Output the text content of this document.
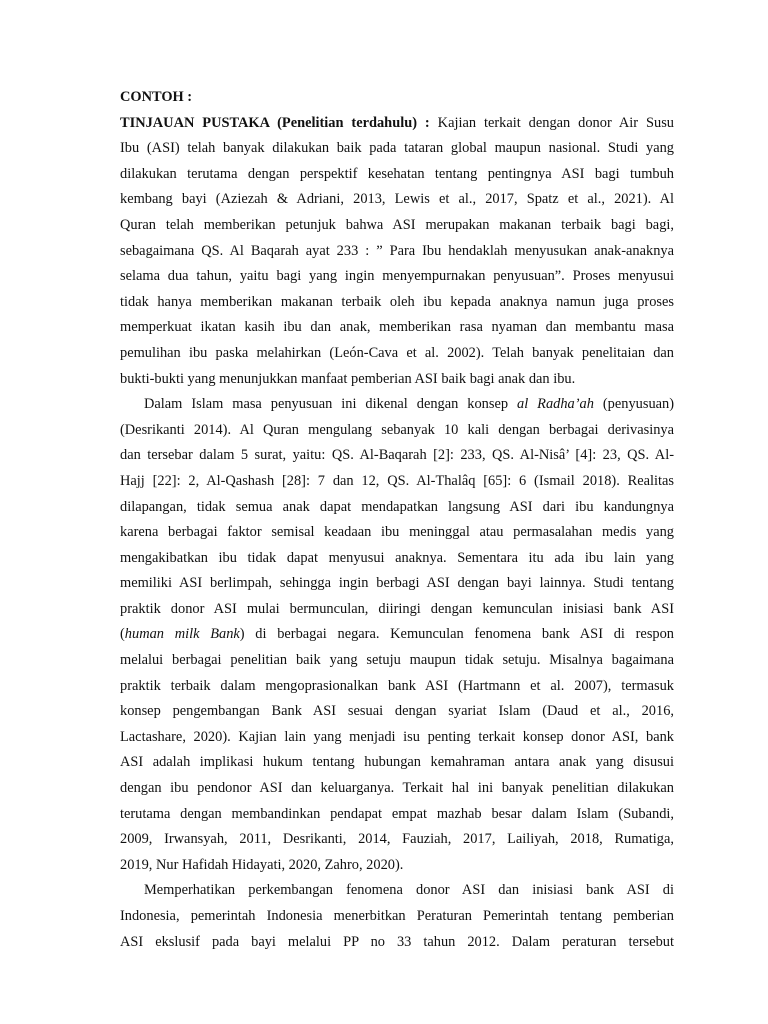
CONTOH :
TINJAUAN PUSTAKA (Penelitian terdahulu) : Kajian terkait dengan donor Air Susu
Ibu (ASI) telah banyak dilakukan baik pada tataran global maupun nasional. Studi yang
dilakukan terutama dengan perspektif kesehatan tentang pentingnya ASI bagi tumbuh
kembang bayi (Aziezah & Adriani, 2013, Lewis et al., 2017, Spatz et al., 2021). Al
Quran telah memberikan petunjuk bahwa ASI merupakan makanan terbaik bagi bagi,
sebagaimana QS. Al Baqarah ayat 233 : ” Para Ibu hendaklah menyusukan anak-anaknya
selama dua tahun, yaitu bagi yang ingin menyempurnakan penyusuan”. Proses menyusui
tidak hanya memberikan makanan terbaik oleh ibu kepada anaknya namun juga proses
memperkuat ikatan kasih ibu dan anak, memberikan rasa nyaman dan membantu masa
pemulihan ibu paska melahirkan (León-Cava et al. 2002). Telah banyak penelitaian dan
bukti-bukti yang menunjukkan manfaat pemberian ASI baik bagi anak dan ibu.
Dalam Islam masa penyusuan ini dikenal dengan konsep al Radha’ah (penyusuan)
(Desrikanti 2014). Al Quran mengulang sebanyak 10 kali dengan berbagai derivasinya
dan tersebar dalam 5 surat, yaitu: QS. Al-Baqarah [2]: 233, QS. Al-Nisâ’ [4]: 23, QS. Al-
Hajj [22]: 2, Al-Qashash [28]: 7 dan 12, QS. Al-Thalâq [65]: 6 (Ismail 2018). Realitas
dilapangan, tidak semua anak dapat mendapatkan langsung ASI dari ibu kandungnya
karena berbagai faktor semisal keadaan ibu meninggal atau permasalahan medis yang
mengakibatkan ibu tidak dapat menyusui anaknya. Sementara itu ada ibu lain yang
memiliki ASI berlimpah, sehingga ingin berbagi ASI dengan bayi lainnya. Studi tentang
praktik donor ASI mulai bermunculan, diiringi dengan kemunculan inisiasi bank ASI
(human milk Bank) di berbagai negara. Kemunculan fenomena bank ASI di respon
melalui berbagai penelitian baik yang setuju maupun tidak setuju. Misalnya bagaimana
praktik terbaik dalam mengoprasionalkan bank ASI (Hartmann et al. 2007), termasuk
konsep pengembangan Bank ASI sesuai dengan syariat Islam (Daud et al., 2016,
Lactashare, 2020). Kajian lain yang menjadi isu penting terkait konsep donor ASI, bank
ASI adalah implikasi hukum tentang hubungan kemahraman antara anak yang disusui
dengan ibu pendonor ASI dan keluarganya. Terkait hal ini banyak penelitian dilakukan
terutama dengan membandinkan pendapat empat mazhab besar dalam Islam (Subandi,
2009, Irwansyah, 2011, Desrikanti, 2014, Fauziah, 2017, Lailiyah, 2018, Rumatiga,
2019, Nur Hafidah Hidayati, 2020, Zahro, 2020).
Memperhatikan perkembangan fenomena donor ASI dan inisiasi bank ASI di
Indonesia, pemerintah Indonesia menerbitkan Peraturan Pemerintah tentang pemberian
ASI ekslusif pada bayi melalui PP no 33 tahun 2012. Dalam peraturan tersebut
